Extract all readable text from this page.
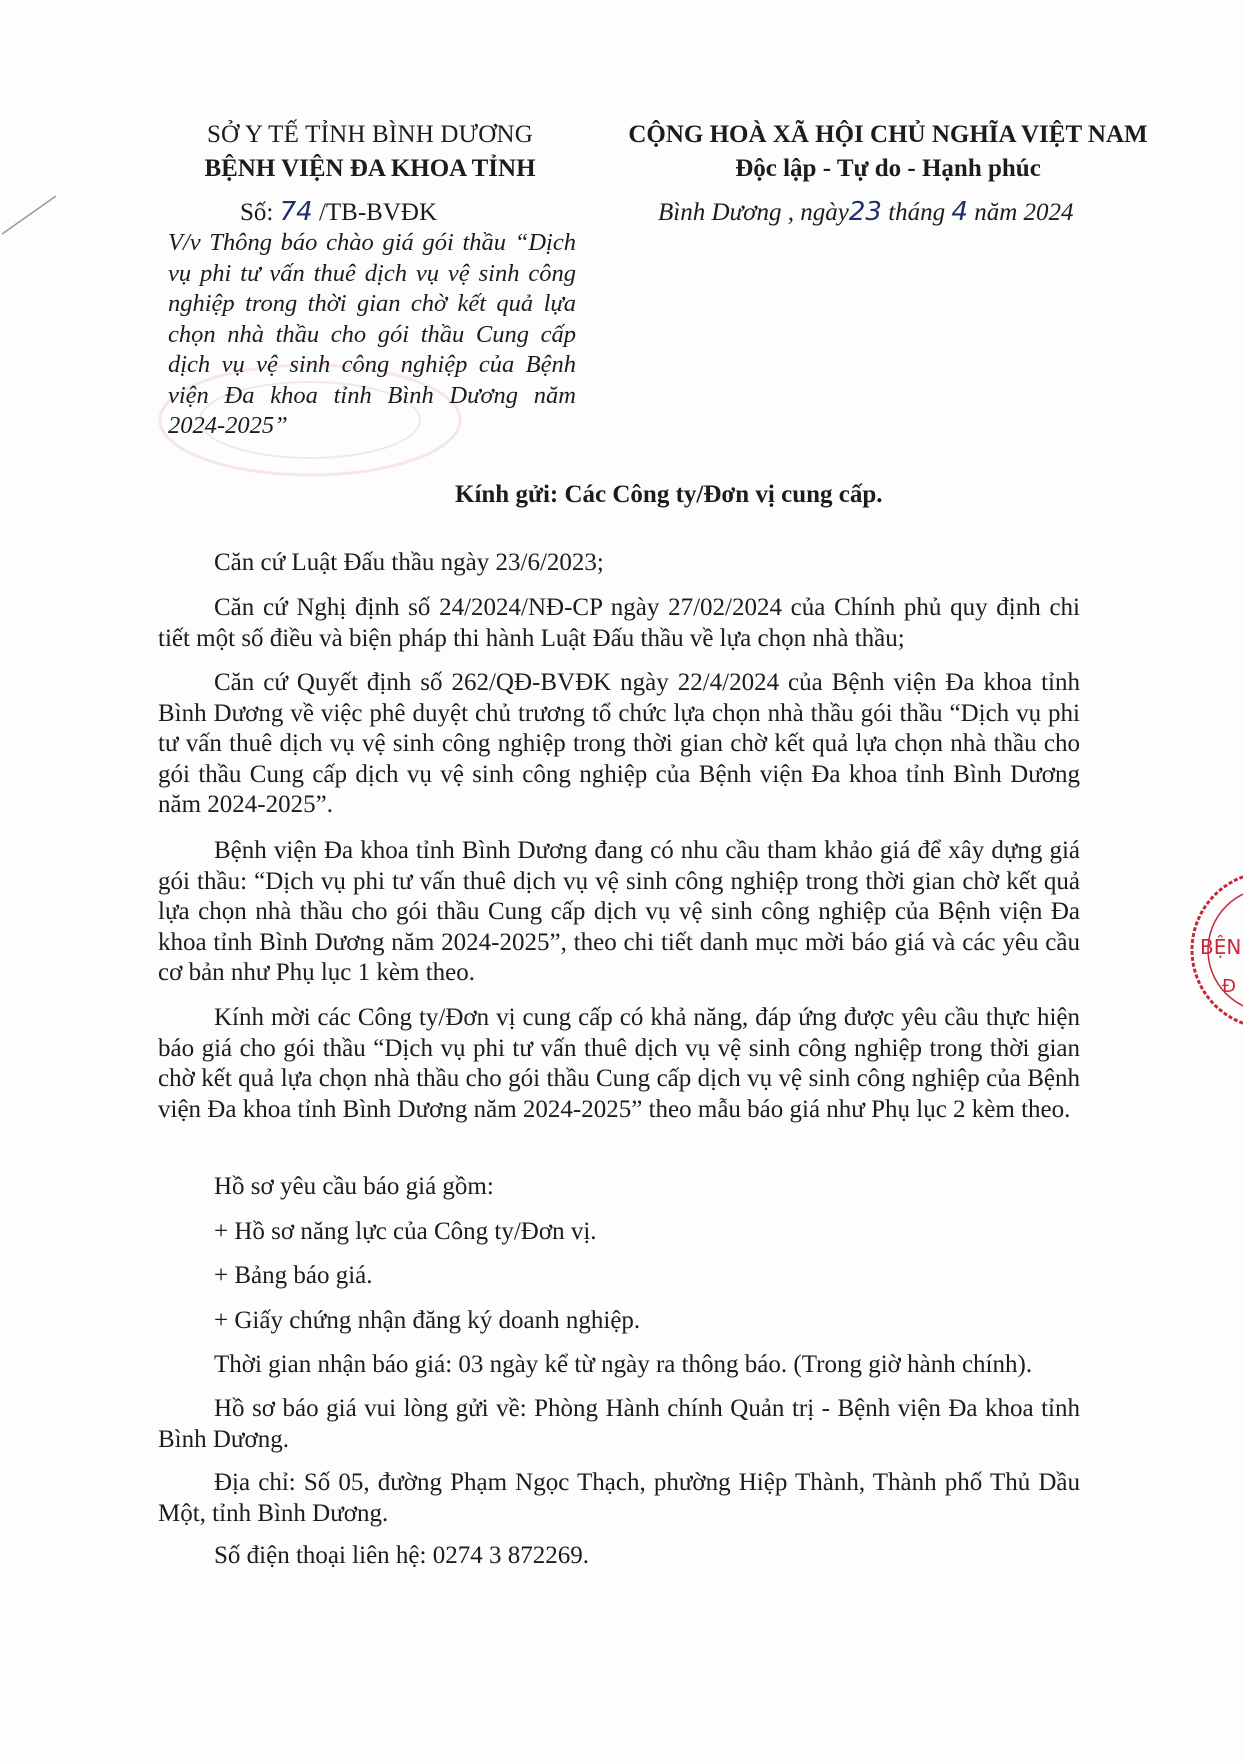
SỞ Y TẾ TỈNH BÌNH DƯƠNG
BỆNH VIỆN ĐA KHOA TỈNH
Số: 74 /TB-BVĐK
V/v Thông báo chào giá gói thầu “Dịch vụ phi tư vấn thuê dịch vụ vệ sinh công nghiệp trong thời gian chờ kết quả lựa chọn nhà thầu cho gói thầu Cung cấp dịch vụ vệ sinh công nghiệp của Bệnh viện Đa khoa tỉnh Bình Dương năm 2024-2025”
CỘNG HOÀ XÃ HỘI CHỦ NGHĨA VIỆT NAM
Độc lập - Tự do - Hạnh phúc
Bình Dương , ngày23 tháng 4 năm 2024
Kính gửi: Các Công ty/Đơn vị cung cấp.
Căn cứ Luật Đấu thầu ngày 23/6/2023;
Căn cứ Nghị định số 24/2024/NĐ-CP ngày 27/02/2024 của Chính phủ quy định chi tiết một số điều và biện pháp thi hành Luật Đấu thầu về lựa chọn nhà thầu;
Căn cứ Quyết định số 262/QĐ-BVĐK ngày 22/4/2024 của Bệnh viện Đa khoa tỉnh Bình Dương về việc phê duyệt chủ trương tổ chức lựa chọn nhà thầu gói thầu “Dịch vụ phi tư vấn thuê dịch vụ vệ sinh công nghiệp trong thời gian chờ kết quả lựa chọn nhà thầu cho gói thầu Cung cấp dịch vụ vệ sinh công nghiệp của Bệnh viện Đa khoa tỉnh Bình Dương năm 2024-2025”.
Bệnh viện Đa khoa tỉnh Bình Dương đang có nhu cầu tham khảo giá để xây dựng giá gói thầu: “Dịch vụ phi tư vấn thuê dịch vụ vệ sinh công nghiệp trong thời gian chờ kết quả lựa chọn nhà thầu cho gói thầu Cung cấp dịch vụ vệ sinh công nghiệp của Bệnh viện Đa khoa tỉnh Bình Dương năm 2024-2025”, theo chi tiết danh mục mời báo giá và các yêu cầu cơ bản như Phụ lục 1 kèm theo.
Kính mời các Công ty/Đơn vị cung cấp có khả năng, đáp ứng được yêu cầu thực hiện báo giá cho gói thầu “Dịch vụ phi tư vấn thuê dịch vụ vệ sinh công nghiệp trong thời gian chờ kết quả lựa chọn nhà thầu cho gói thầu Cung cấp dịch vụ vệ sinh công nghiệp của Bệnh viện Đa khoa tỉnh Bình Dương năm 2024-2025” theo mẫu báo giá như Phụ lục 2 kèm theo.
Hồ sơ yêu cầu báo giá gồm:
+ Hồ sơ năng lực của Công ty/Đơn vị.
+ Bảng báo giá.
+ Giấy chứng nhận đăng ký doanh nghiệp.
Thời gian nhận báo giá: 03 ngày kể từ ngày ra thông báo. (Trong giờ hành chính).
Hồ sơ báo giá vui lòng gửi về: Phòng Hành chính Quản trị - Bệnh viện Đa khoa tỉnh Bình Dương.
Địa chỉ: Số 05, đường Phạm Ngọc Thạch, phường Hiệp Thành, Thành phố Thủ Dầu Một, tỉnh Bình Dương.
Số điện thoại liên hệ: 0274 3 872269.
BỆN
Đ
